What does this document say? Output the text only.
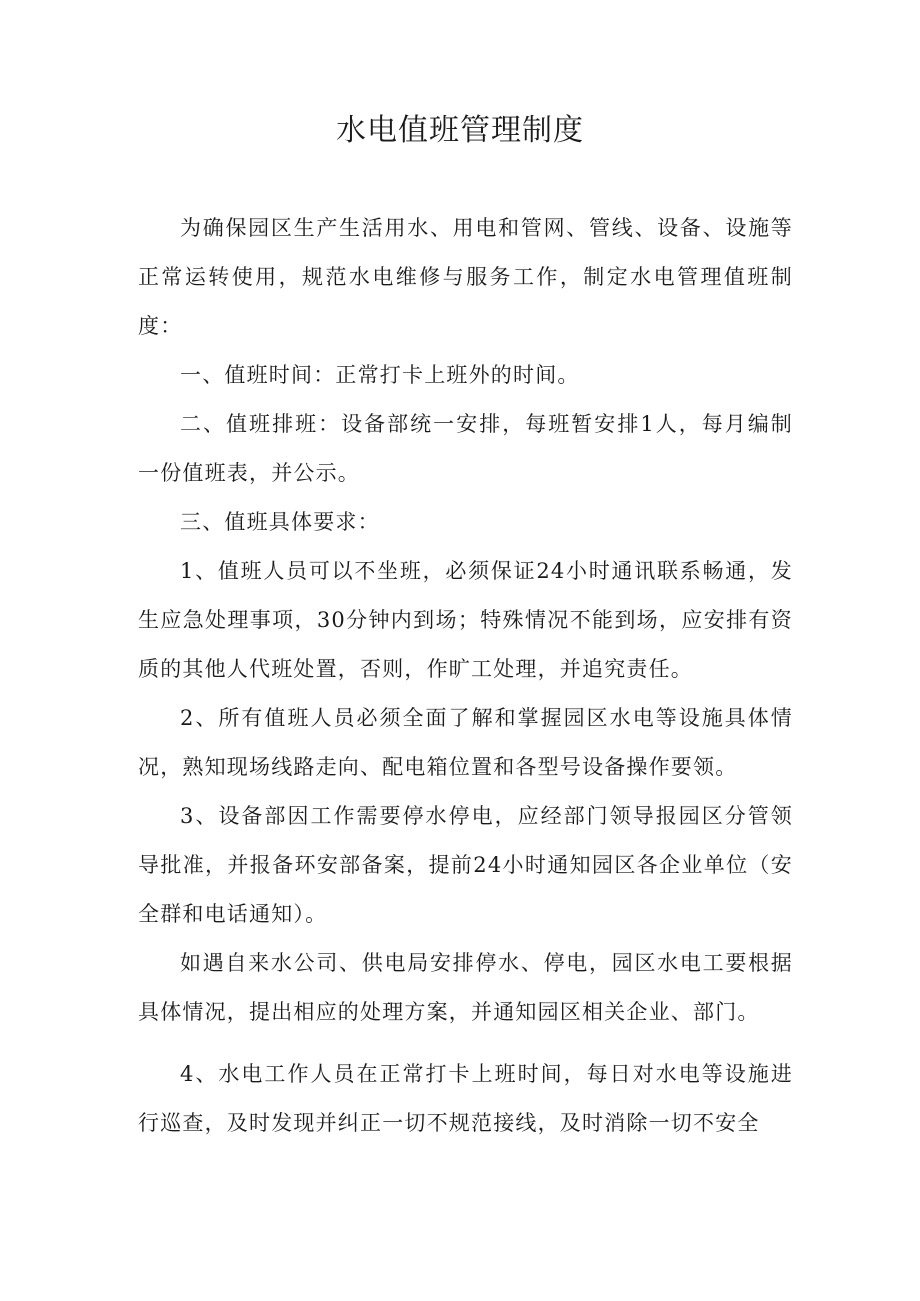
水电值班管理制度

为确保园区生产生活用水、用电和管网、管线、设备、设施等正常运转使用，规范水电维修与服务工作，制定水电管理值班制度：

一、值班时间：正常打卡上班外的时间。

二、值班排班：设备部统一安排，每班暂安排1人，每月编制一份值班表，并公示。

三、值班具体要求：

1、值班人员可以不坐班，必须保证24小时通讯联系畅通，发生应急处理事项，30分钟内到场；特殊情况不能到场，应安排有资质的其他人代班处置，否则，作旷工处理，并追究责任。

2、所有值班人员必须全面了解和掌握园区水电等设施具体情况，熟知现场线路走向、配电箱位置和各型号设备操作要领。

3、设备部因工作需要停水停电，应经部门领导报园区分管领导批准，并报备环安部备案，提前24小时通知园区各企业单位（安全群和电话通知）。

如遇自来水公司、供电局安排停水、停电，园区水电工要根据具体情况，提出相应的处理方案，并通知园区相关企业、部门。

4、水电工作人员在正常打卡上班时间，每日对水电等设施进行巡查，及时发现并纠正一切不规范接线，及时消除一切不安全
